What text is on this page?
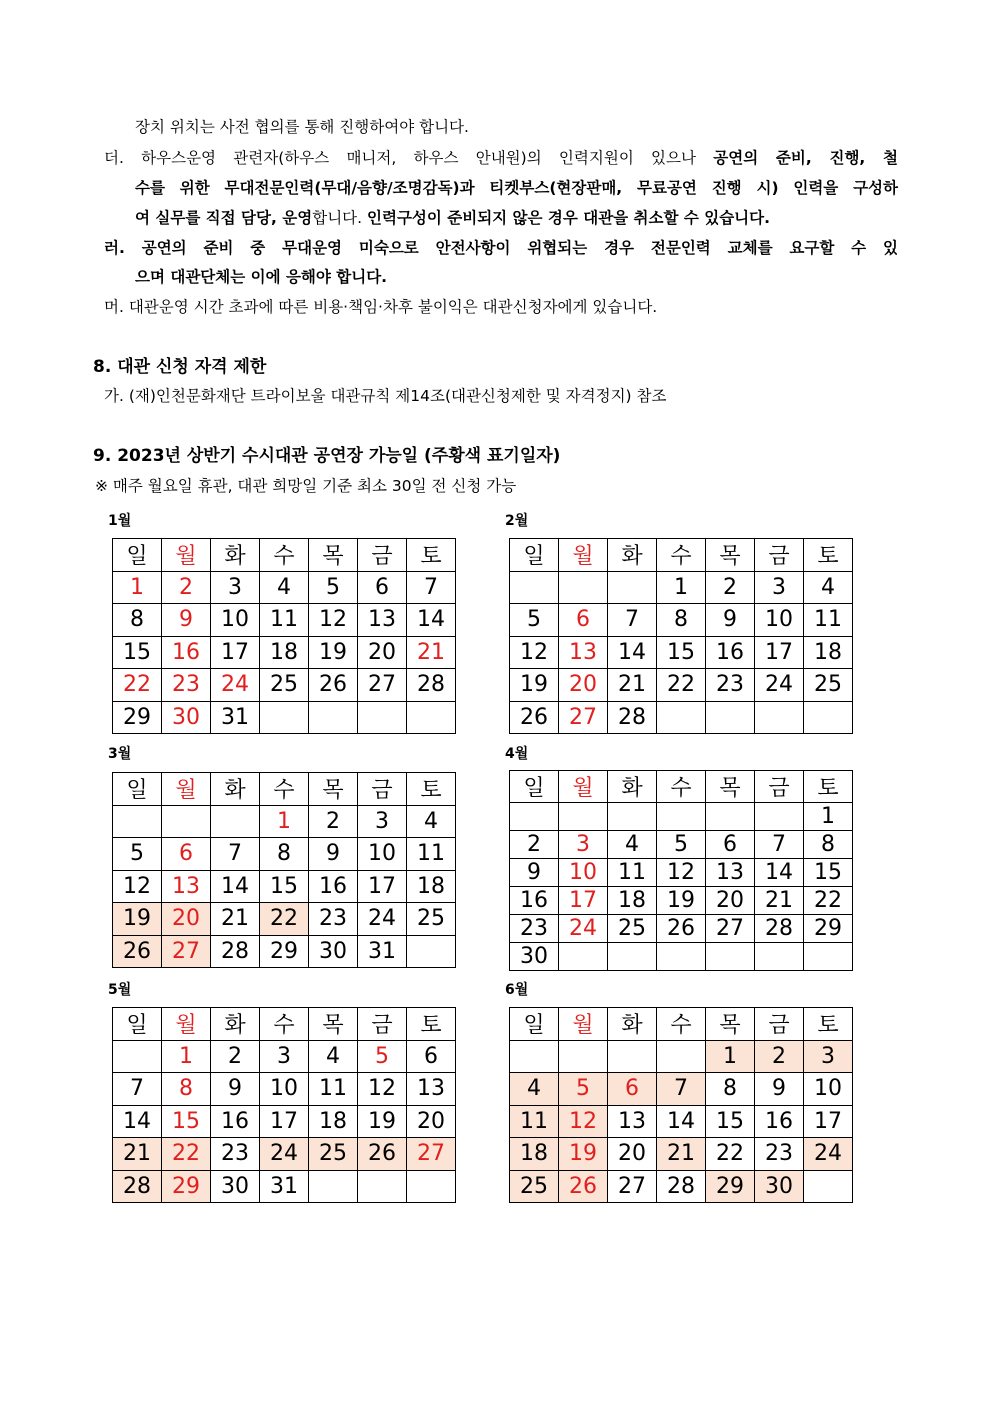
장치 위치는 사전 협의를 통해 진행하여야 합니다.
더. 하우스운영 관련자(하우스 매니저, 하우스 안내원)의 인력지원이 있으나 공연의 준비, 진행, 철
수를 위한 무대전문인력(무대/음향/조명감독)과 티켓부스(현장판매, 무료공연 진행 시) 인력을 구성하
여 실무를 직접 담당, 운영합니다. 인력구성이 준비되지 않은 경우 대관을 취소할 수 있습니다.
러. 공연의 준비 중 무대운영 미숙으로 안전사항이 위협되는 경우 전문인력 교체를 요구할 수 있
으며 대관단체는 이에 응해야 합니다.
머. 대관운영 시간 초과에 따른 비용·책임·차후 불이익은 대관신청자에게 있습니다.
8. 대관 신청 자격 제한
가. (재)인천문화재단 트라이보울 대관규칙 제14조(대관신청제한 및 자격정지) 참조
9. 2023년 상반기 수시대관 공연장 가능일 (주황색 표기일자)
※ 매주 월요일 휴관, 대관 희망일 기준 최소 30일 전 신청 가능
1월
일	월	화	수	목	금	토
1	2	3	4	5	6	7
8	9	10	11	12	13	14
15	16	17	18	19	20	21
22	23	24	25	26	27	28
29	30	31				
2월
일	월	화	수	목	금	토
			1	2	3	4
5	6	7	8	9	10	11
12	13	14	15	16	17	18
19	20	21	22	23	24	25
26	27	28				
3월
일	월	화	수	목	금	토
			1	2	3	4
5	6	7	8	9	10	11
12	13	14	15	16	17	18
19	20	21	22	23	24	25
26	27	28	29	30	31	
4월
일	월	화	수	목	금	토
						1
2	3	4	5	6	7	8
9	10	11	12	13	14	15
16	17	18	19	20	21	22
23	24	25	26	27	28	29
30						
5월
일	월	화	수	목	금	토
	1	2	3	4	5	6
7	8	9	10	11	12	13
14	15	16	17	18	19	20
21	22	23	24	25	26	27
28	29	30	31			
6월
일	월	화	수	목	금	토
				1	2	3
4	5	6	7	8	9	10
11	12	13	14	15	16	17
18	19	20	21	22	23	24
25	26	27	28	29	30	
